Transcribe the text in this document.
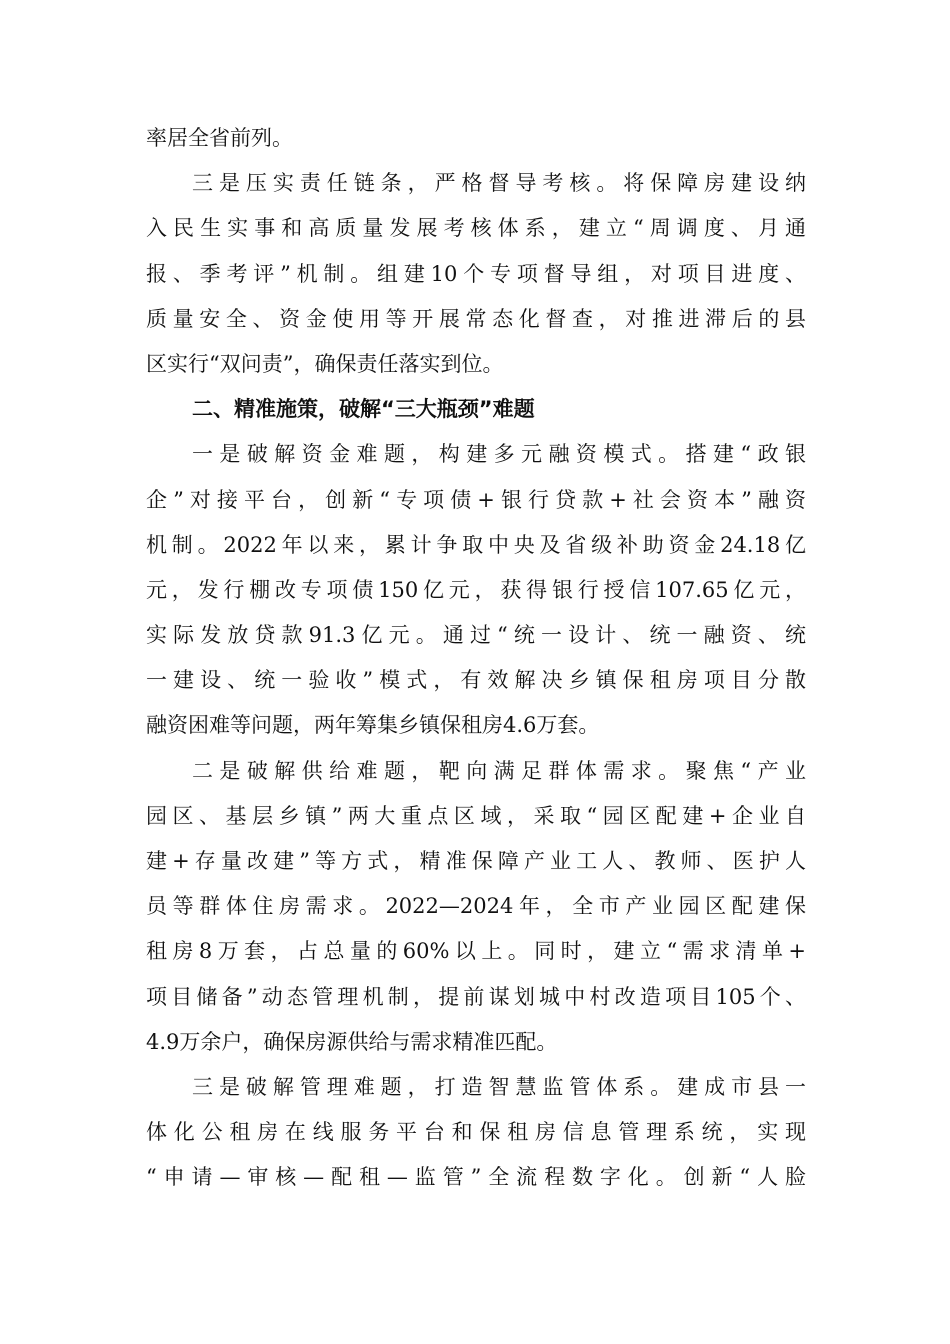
率居全省前列。
三是压实责任链条，严格督导考核。将保障房建设纳
入民生实事和高质量发展考核体系，建立“周调度、月通
报、季考评”机制。组建10个专项督导组，对项目进度、
质量安全、资金使用等开展常态化督查，对推进滞后的县
区实行“双问责”，确保责任落实到位。
二、精准施策，破解“三大瓶颈”难题
一是破解资金难题，构建多元融资模式。搭建“政银
企”对接平台，创新“专项债+银行贷款+社会资本”融资
机制。2022年以来，累计争取中央及省级补助资金24.18亿
元，发行棚改专项债150亿元，获得银行授信107.65亿元，
实际发放贷款91.3亿元。通过“统一设计、统一融资、统
一建设、统一验收”模式，有效解决乡镇保租房项目分散
融资困难等问题，两年筹集乡镇保租房4.6万套。
二是破解供给难题，靶向满足群体需求。聚焦“产业
园区、基层乡镇”两大重点区域，采取“园区配建+企业自
建+存量改建”等方式，精准保障产业工人、教师、医护人
员等群体住房需求。2022—2024年，全市产业园区配建保
租房8万套，占总量的60%以上。同时，建立“需求清单+
项目储备”动态管理机制，提前谋划城中村改造项目105个、
4.9万余户，确保房源供给与需求精准匹配。
三是破解管理难题，打造智慧监管体系。建成市县一
体化公租房在线服务平台和保租房信息管理系统，实现
“申请—审核—配租—监管”全流程数字化。创新“人脸
